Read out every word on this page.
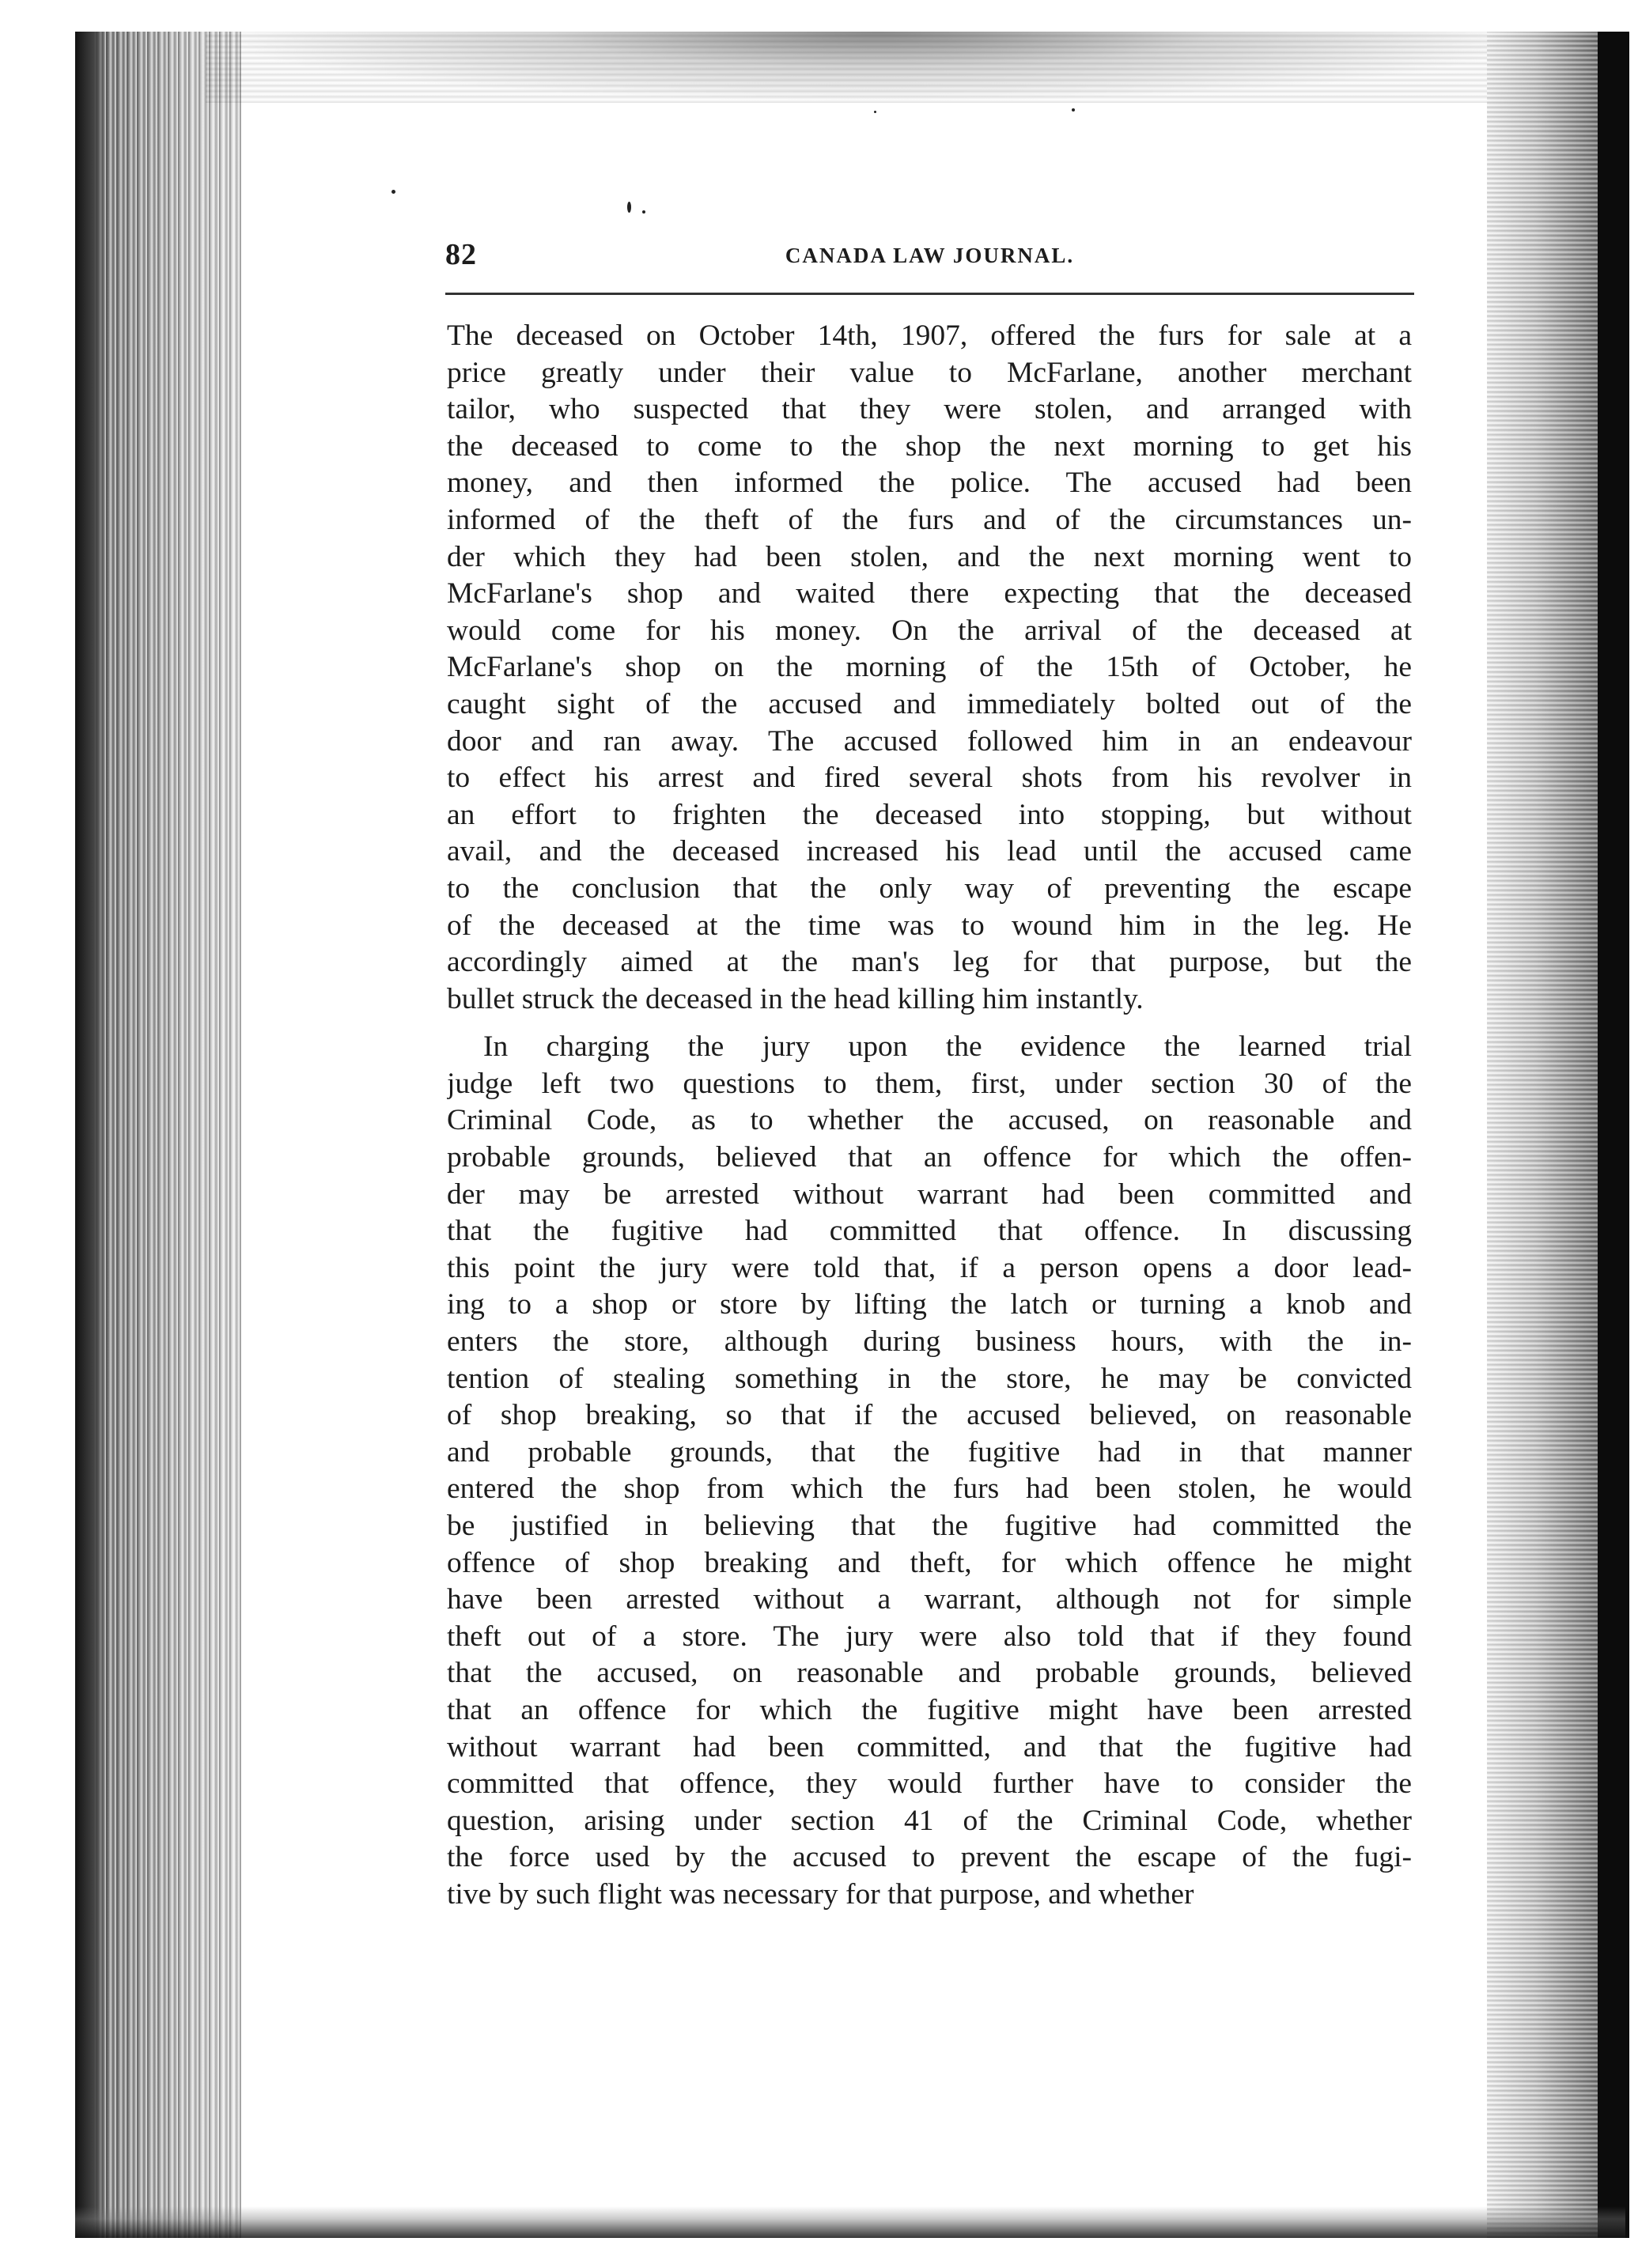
82	CANADA LAW JOURNAL.
The deceased on October 14th, 1907, offered the furs for sale at a
price greatly under their value to McFarlane, another merchant
tailor, who suspected that they were stolen, and arranged with
the deceased to come to the shop the next morning to get his
money, and then informed the police. The accused had been
informed of the theft of the furs and of the circumstances un-
der which they had been stolen, and the next morning went to
McFarlane's shop and waited there expecting that the deceased
would come for his money. On the arrival of the deceased at
McFarlane's shop on the morning of the 15th of October, he
caught sight of the accused and immediately bolted out of the
door and ran away. The accused followed him in an endeavour
to effect his arrest and fired several shots from his revolver in
an effort to frighten the deceased into stopping, but without
avail, and the deceased increased his lead until the accused came
to the conclusion that the only way of preventing the escape
of the deceased at the time was to wound him in the leg. He
accordingly aimed at the man's leg for that purpose, but the
bullet struck the deceased in the head killing him instantly.
In charging the jury upon the evidence the learned trial
judge left two questions to them, first, under section 30 of the
Criminal Code, as to whether the accused, on reasonable and
probable grounds, believed that an offence for which the offen-
der may be arrested without warrant had been committed and
that the fugitive had committed that offence. In discussing
this point the jury were told that, if a person opens a door lead-
ing to a shop or store by lifting the latch or turning a knob and
enters the store, although during business hours, with the in-
tention of stealing something in the store, he may be convicted
of shop breaking, so that if the accused believed, on reasonable
and probable grounds, that the fugitive had in that manner
entered the shop from which the furs had been stolen, he would
be justified in believing that the fugitive had committed the
offence of shop breaking and theft, for which offence he might
have been arrested without a warrant, although not for simple
theft out of a store. The jury were also told that if they found
that the accused, on reasonable and probable grounds, believed
that an offence for which the fugitive might have been arrested
without warrant had been committed, and that the fugitive had
committed that offence, they would further have to consider the
question, arising under section 41 of the Criminal Code, whether
the force used by the accused to prevent the escape of the fugi-
tive by such flight was necessary for that purpose, and whether
